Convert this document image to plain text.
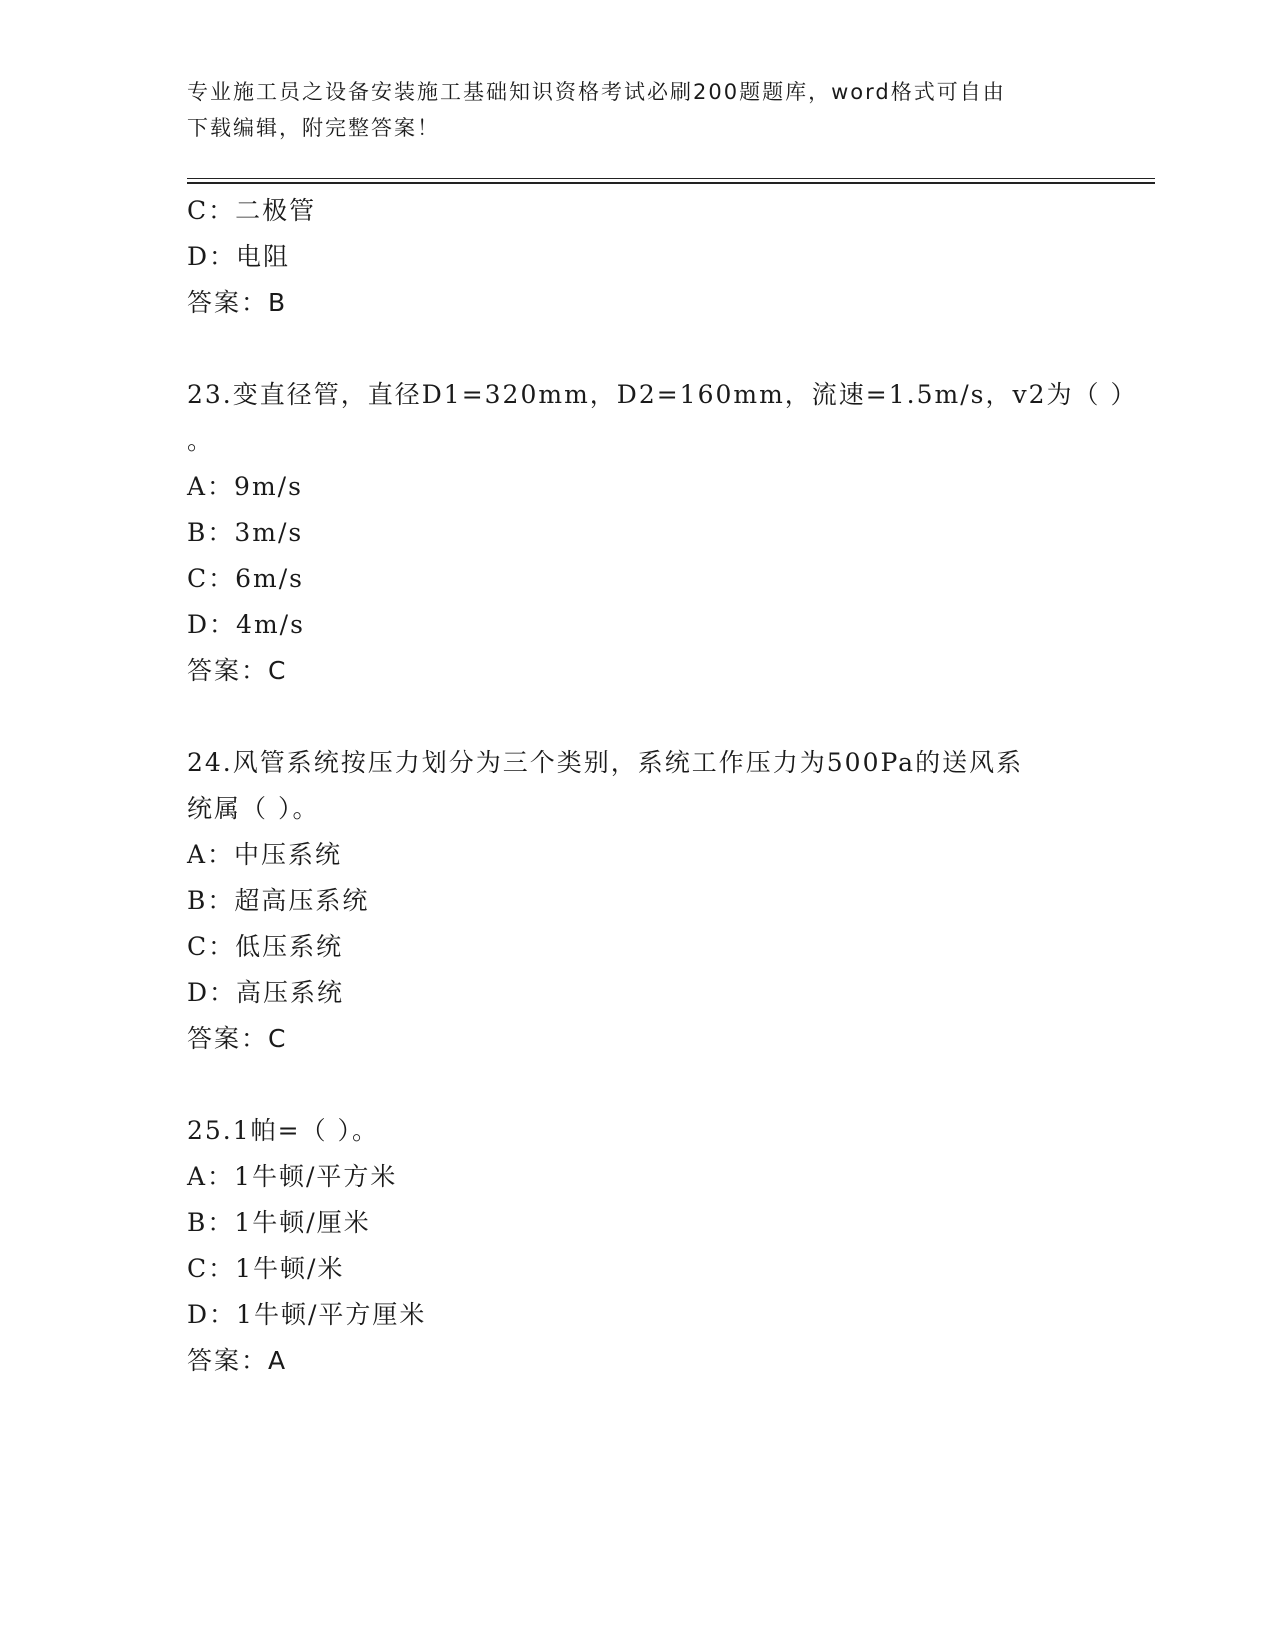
专业施工员之设备安装施工基础知识资格考试必刷200题题库，word格式可自由
下载编辑，附完整答案！
C：二极管
D：电阻
答案：B
23.变直径管，直径D1=320mm，D2=160mm，流速=1.5m/s，v2为（ ）
。
A：9m/s
B：3m/s
C：6m/s
D：4m/s
答案：C
24.风管系统按压力划分为三个类别，系统工作压力为500Pa的送风系
统属（ ）。
A：中压系统
B：超高压系统
C：低压系统
D：高压系统
答案：C
25.1帕=（ ）。
A：1牛顿/平方米
B：1牛顿/厘米
C：1牛顿/米
D：1牛顿/平方厘米
答案：A
